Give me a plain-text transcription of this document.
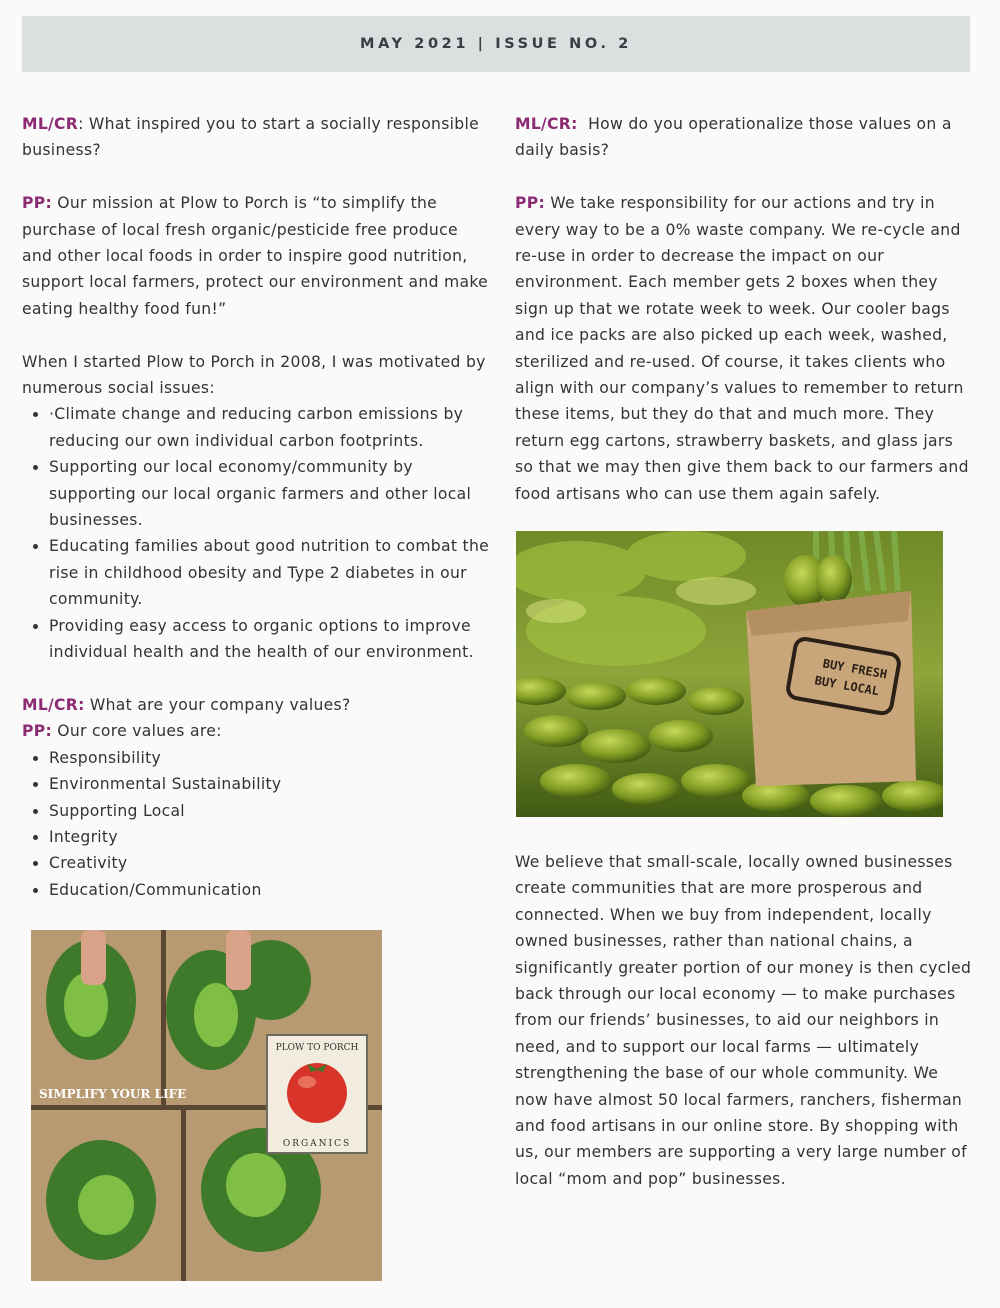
MAY 2021 | ISSUE NO. 2

ML/CR: What inspired you to start a socially responsible business?

PP: Our mission at Plow to Porch is “to simplify the purchase of local fresh organic/pesticide free produce and other local foods in order to inspire good nutrition, support local farmers, protect our environment and make eating healthy food fun!”

When I started Plow to Porch in 2008, I was motivated by numerous social issues:

• ·Climate change and reducing carbon emissions by reducing our own individual carbon footprints.
• Supporting our local economy/community by supporting our local organic farmers and other local businesses.
• Educating families about good nutrition to combat the rise in childhood obesity and Type 2 diabetes in our community.
• Providing easy access to organic options to improve individual health and the health of our environment.

ML/CR: What are your company values?

PP: Our core values are:

• Responsibility
• Environmental Sustainability
• Supporting Local
• Integrity
• Creativity
• Education/Communication

ML/CR:  How do you operationalize those values on a daily basis?

PP: We take responsibility for our actions and try in every way to be a 0% waste company. We re-cycle and re-use in order to decrease the impact on our environment. Each member gets 2 boxes when they sign up that we rotate week to week. Our cooler bags and ice packs are also picked up each week, washed, sterilized and re-used. Of course, it takes clients who align with our company’s values to remember to return these items, but they do that and much more. They return egg cartons, strawberry baskets, and glass jars so that we may then give them back to our farmers and food artisans who can use them again safely.

We believe that small-scale, locally owned businesses create communities that are more prosperous and connected. When we buy from independent, locally owned businesses, rather than national chains, a significantly greater portion of our money is then cycled back through our local economy — to make purchases from our friends’ businesses, to aid our neighbors in need, and to support our local farms — ultimately strengthening the base of our whole community. We now have almost 50 local farmers, ranchers, fisherman and food artisans in our online store. By shopping with us, our members are supporting a very large number of local “mom and pop” businesses.

BUY FRESH
BUY LOCAL
PLOW TO PORCH
ORGANICS
SIMPLIFY YOUR LIFE
